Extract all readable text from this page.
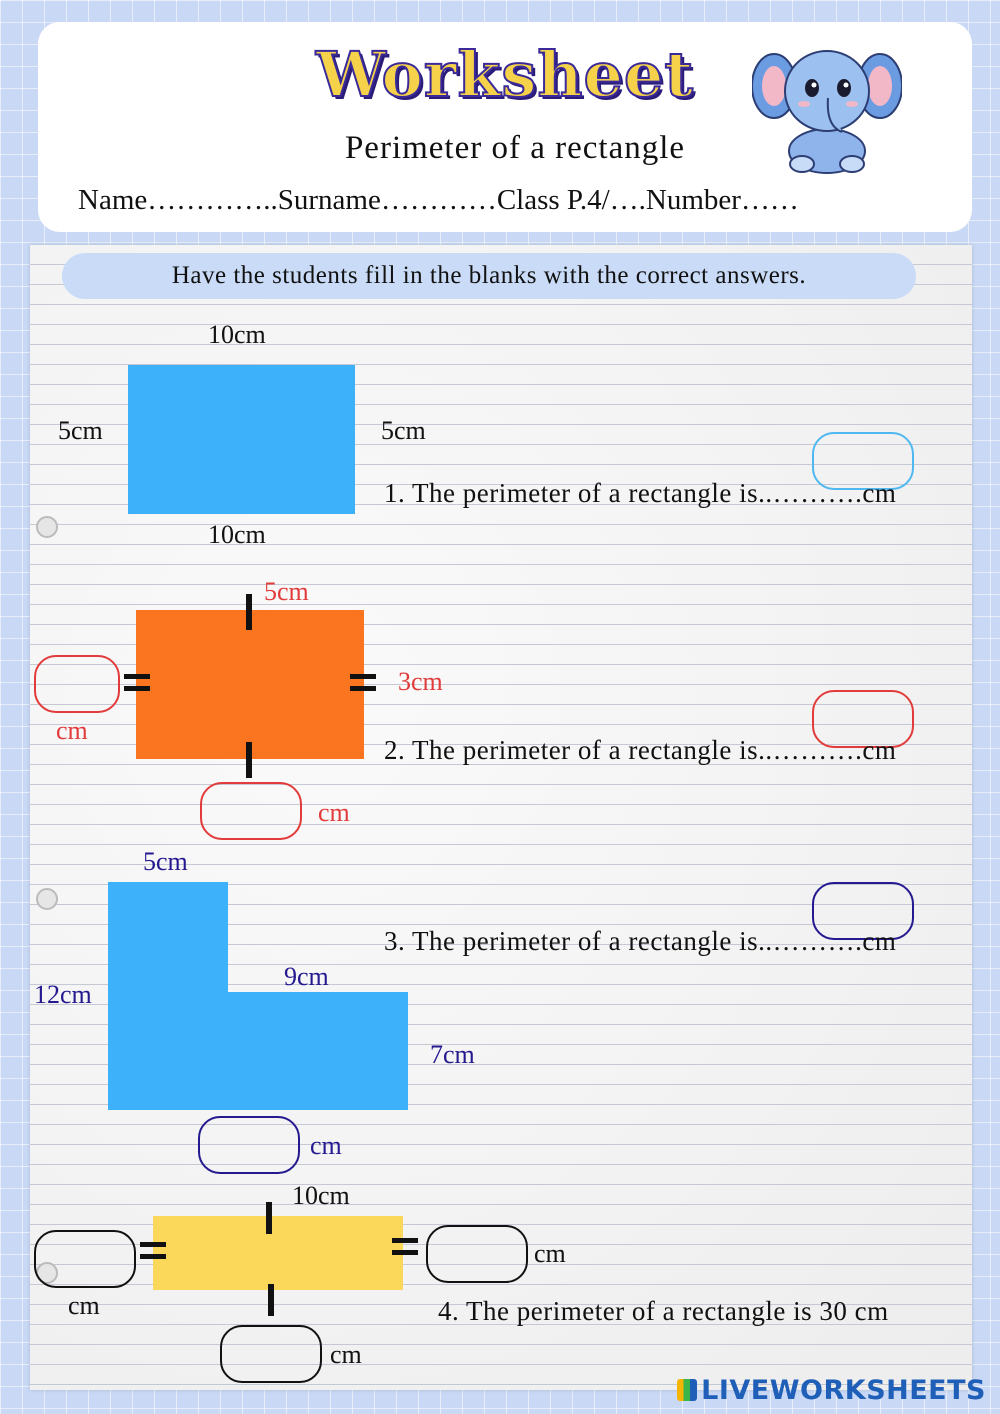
Worksheet
Perimeter of a rectangle
Name…………..Surname…………Class P.4/….Number……
Have the students fill in the blanks with the correct answers.
10cm
5cm	5cm
10cm
1. The perimeter of a rectangle is..……….cm
5cm
3cm
cm
cm
2. The perimeter of a rectangle is..……….cm
5cm
12cm
9cm
7cm
cm
3. The perimeter of a rectangle is..……….cm
10cm
cm
cm
cm
4. The perimeter of a rectangle is 30 cm
LIVEWORKSHEETS
